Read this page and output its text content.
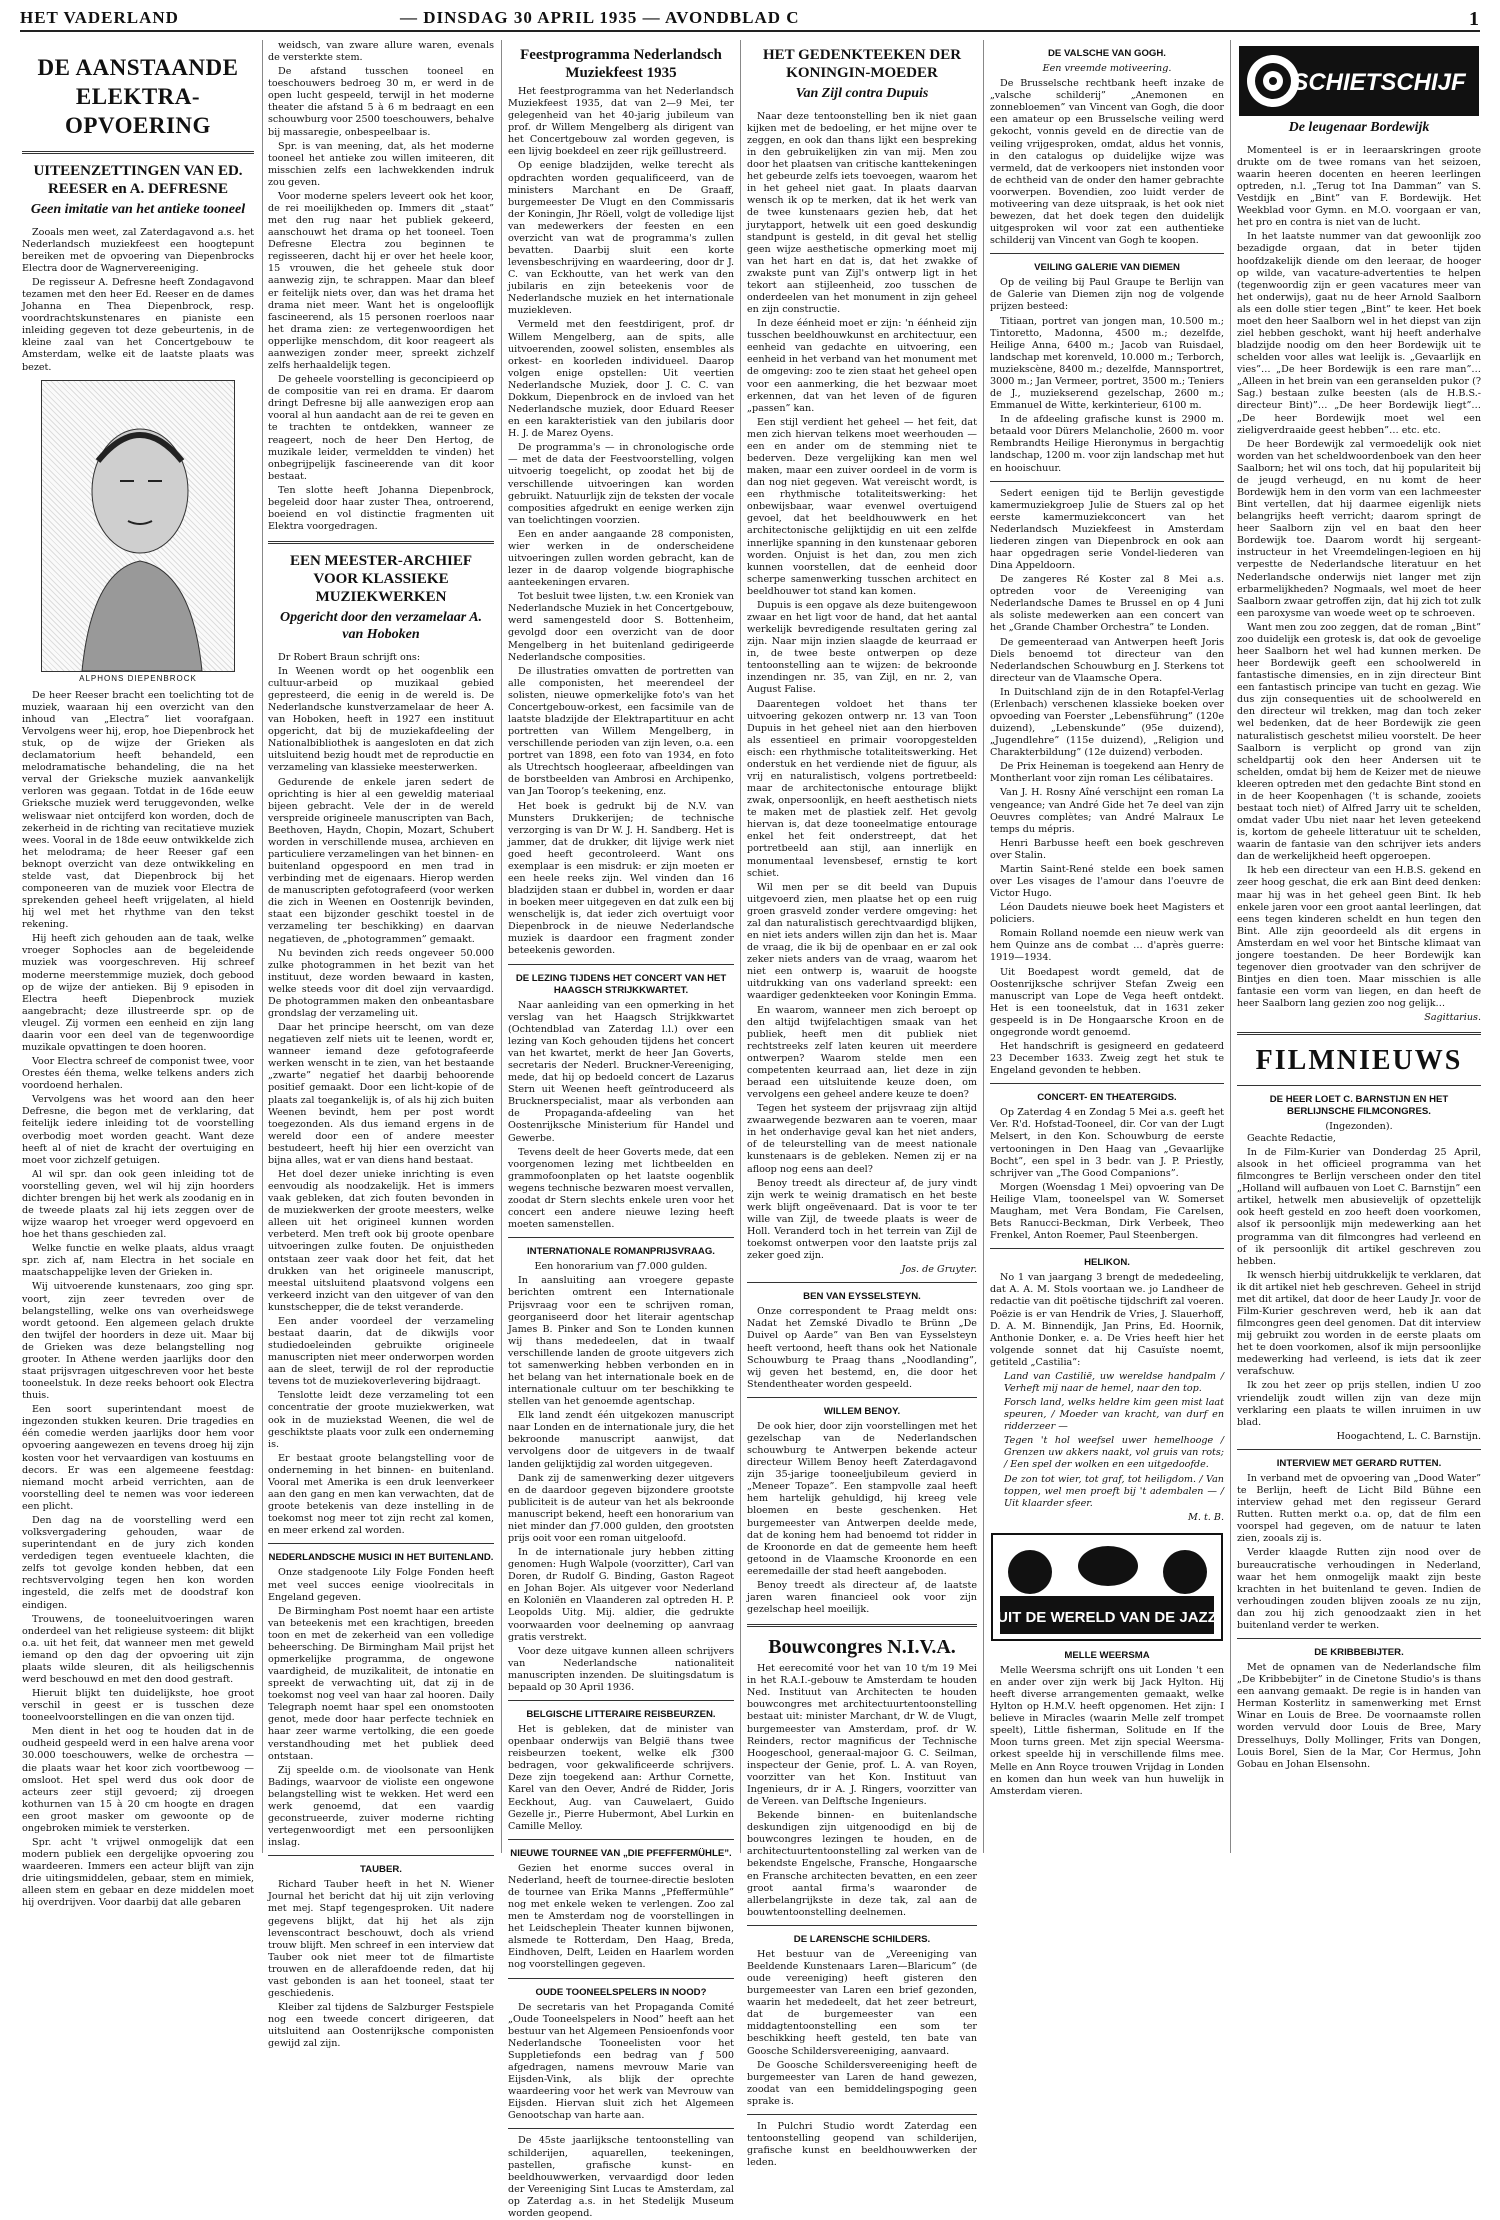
HET VADERLAND	— DINSDAG 30 APRIL 1935 — AVONDBLAD C	1
DE AANSTAANDE ELEKTRA-OPVOERING
UITEENZETTINGEN VAN ED. REESER en A. DEFRESNE
Geen imitatie van het antieke tooneel

Zooals men weet, zal Zaterdagavond a.s. het Nederlandsch muziekfeest een hoogtepunt bereiken met de opvoering van Diepenbrocks Electra door de Wagnervereeniging.

De regisseur A. Defresne heeft Zondagavond tezamen met den heer Ed. Reeser en de dames Johanna en Thea Diepenbrock, resp. voordrachtskunstenares en pianiste een inleiding gegeven tot deze gebeurtenis, in de kleine zaal van het Concertgebouw te Amsterdam, welke eit de laatste plaats was bezet.

ALPHONS DIEPENBROCK

De heer Reeser bracht een toelichting tot de muziek, waaraan hij een overzicht van den inhoud van „Electra” liet voorafgaan. Vervolgens weer hij, erop, hoe Diepenbrock het stuk, op de wijze der Grieken als declamatorium heeft behandeld, een melodramatische behandeling, die na het verval der Grieksche muziek aanvankelijk verloren was gegaan. Totdat in de 16de eeuw Grieksche muziek werd teruggevonden, welke weliswaar niet ontcijferd kon worden, doch de zekerheid in de richting van recitatieve muziek wees. Vooral in de 18de eeuw ontwikkelde zich het melodrama; de heer Reeser gaf een beknopt overzicht van deze ontwikkeling en stelde vast, dat Diepenbrock bij het componeeren van de muziek voor Electra de sprekenden geheel heeft vrijgelaten, al hield hij wel met het rhythme van den tekst rekening.

Hij heeft zich gehouden aan de taak, welke vroeger Sophocles aan de begeleidende muziek was voorgeschreven. Hij schreef moderne meerstemmige muziek, doch gebood op de wijze der antieken. Bij 9 episoden in Electra heeft Diepenbrock muziek aangebracht; deze illustreerde spr. op de vleugel. Zij vormen een eenheid en zijn lang daarin voor een deel van de tegenwoordige muzikale opvattingen te doen hooren.

Voor Electra schreef de componist twee, voor Orestes één thema, welke telkens anders zich voordoend herhalen.

Vervolgens was het woord aan den heer Defresne, die begon met de verklaring, dat feitelijk iedere inleiding tot de voorstelling overbodig moet worden geacht. Want deze heeft al of niet de kracht der overtuiging en moet voor zichzelf getuigen.

Al wil spr. dan ook geen inleiding tot de voorstelling geven, wel wil hij zijn hoorders dichter brengen bij het werk als zoodanig en in de tweede plaats zal hij iets zeggen over de wijze waarop het vroeger werd opgevoerd en hoe het thans geschieden zal.

Welke functie en welke plaats, aldus vraagt spr. zich af, nam Electra in het sociale en maatschappelijke leven der Grieken in.

Wij uitvoerende kunstenaars, zoo ging spr. voort, zijn zeer tevreden over de belangstelling, welke ons van overheidswege wordt getoond. Een algemeen gelach drukte den twijfel der hoorders in deze uit. Maar bij de Grieken was deze belangstelling nog grooter. In Athene werden jaarlijks door den staat prijsvragen uitgeschreven voor het beste tooneelstuk. In deze reeks behoort ook Electra thuis.

Een soort superintendant moest de ingezonden stukken keuren. Drie tragedies en één comedie werden jaarlijks door hem voor opvoering aangewezen en tevens droeg hij zijn kosten voor het vervaardigen van kostuums en decors. Er was een algemeene feestdag: niemand mocht arbeid verrichten, aan de voorstelling deel te nemen was voor iedereen een plicht.

Den dag na de voorstelling werd een volksvergadering gehouden, waar de superintendant en de jury zich konden verdedigen tegen eventueele klachten, die zelfs tot gevolge konden hebben, dat een rechtsvervolging tegen hen kon worden ingesteld, die zelfs met de doodstraf kon eindigen.

Trouwens, de tooneeluitvoeringen waren onderdeel van het religieuse systeem: dit blijkt o.a. uit het feit, dat wanneer men met geweld iemand op den dag der opvoering uit zijn plaats wilde sleuren, dit als heiligschennis werd beschouwd en met den dood gestraft.

Hieruit blijkt ten duidelijkste, hoe groot verschil in geest er is tusschen deze tooneelvoorstellingen en die van onzen tijd.

Men dient in het oog te houden dat in de oudheid gespeeld werd in een halve arena voor 30.000 toeschouwers, welke de orchestra — die plaats waar het koor zich voortbewoog — omsloot. Het spel werd dus ook door de acteurs zeer stijl gevoerd; zij droegen kothurnen van 15 à 20 cm hoogte en dragen een groot masker om gewoonte op de ongebroken mimiek te versterken.

Spr. acht 't vrijwel onmogelijk dat een modern publiek een dergelijke opvoering zou waardeeren. Immers een acteur blijft van zijn drie uitingsmiddelen, gebaar, stem en mimiek, alleen stem en gebaar en deze middelen moet hij overdrijven. Voor daarbij dat alle gebaren

weidsch, van zware allure waren, evenals de versterkte stem.

De afstand tusschen tooneel en toeschouwers bedroeg 30 m, er werd in de open lucht gespeeld, terwijl in het moderne theater die afstand 5 à 6 m bedraagt en een schouwburg voor 2500 toeschouwers, behalve bij massaregie, onbespeelbaar is.

Spr. is van meening, dat, als het moderne tooneel het antieke zou willen imiteeren, dit misschien zelfs een lachwekkenden indruk zou geven.

Voor moderne spelers leveert ook het koor, de rei moeilijkheden op. Immers dit „staat” met den rug naar het publiek gekeerd, aanschouwt het drama op het tooneel. Toen Defresne Electra zou beginnen te regisseeren, dacht hij er over het heele koor, 15 vrouwen, die het geheele stuk door aanwezig zijn, te schrappen. Maar dan bleef er feitelijk niets over, dan was het drama het drama niet meer. Want het is ongelooflijk fascineerend, als 15 personen roerloos naar het drama zien: ze vertegenwoordigen het opperlijke menschdom, dit koor reageert als aanwezigen zonder meer, spreekt zichzelf zelfs herhaaldelijk tegen.

De geheele voorstelling is geconcipieerd op de compositie van rei en drama. Er daarom dringt Defresne bij alle aanwezigen erop aan vooral al hun aandacht aan de rei te geven en te trachten te ontdekken, wanneer ze reageert, noch de heer Den Hertog, de muzikale leider, vermeldden te vinden) het onbegrijpelijk fascineerende van dit koor bestaat.

Ten slotte heeft Johanna Diepenbrock, begeleid door haar zuster Thea, ontroerend, boeiend en vol distinctie fragmenten uit Elektra voorgedragen.

EEN MEESTER-ARCHIEF VOOR KLASSIEKE MUZIEKWERKEN
Opgericht door den verzamelaar A. van Hoboken

Dr Robert Braun schrijft ons:

In Weenen wordt op het oogenblik een cultuur-arbeid op muzikaal gebied gepresteerd, die eenig in de wereld is. De Nederlandsche kunstverzamelaar de heer A. van Hoboken, heeft in 1927 een instituut opgericht, dat bij de muziekafdeeling der Nationalbibliothek is aangesloten en dat zich uitsluitend bezig houdt met de reproductie en verzameling van klassieke meesterwerken.

Gedurende de enkele jaren sedert de oprichting is hier al een geweldig materiaal bijeen gebracht. Vele der in de wereld verspreide origineele manuscripten van Bach, Beethoven, Haydn, Chopin, Mozart, Schubert worden in verschillende musea, archieven en particuliere verzamelingen van het binnen- en buitenland opgespoord en men trad in verbinding met de eigenaars. Hierop werden de manuscripten gefotografeerd (voor werken die zich in Weenen en Oostenrijk bevinden, staat een bijzonder geschikt toestel in de verzameling ter beschikking) en daarvan negatieven, de „photogrammen” gemaakt.

Nu bevinden zich reeds ongeveer 50.000 zulke photogrammen in het bezit van het instituut, deze worden bewaard in kasten, welke steeds voor dit doel zijn vervaardigd. De photogrammen maken den onbeantasbare grondslag der verzameling uit.

Daar het principe heerscht, om van deze negatieven zelf niets uit te leenen, wordt er, wanneer iemand deze gefotografeerde werken wenscht in te zien, van het bestaande „zwarte” negatief het daarbij behoorende positief gemaakt. Door een licht-kopie of de plaats zal toegankelijk is, of als hij zich buiten Weenen bevindt, hem per post wordt toegezonden. Als dus iemand ergens in de wereld door een of andere meester bestudeert, heeft hij hier een overzicht van bijna alles, wat er van diens hand bestaat.

Het doel dezer unieke inrichting is even eenvoudig als noodzakelijk. Het is immers vaak gebleken, dat zich fouten bevonden in de muziekwerken der groote meesters, welke alleen uit het origineel kunnen worden verbeterd. Men treft ook bij groote openbare uitvoeringen zulke fouten. De onjuistheden ontstaan zeer vaak door het feit, dat het drukken van het origineele manuscript, meestal uitsluitend plaatsvond volgens een verkeerd inzicht van den uitgever of van den kunstschepper, die de tekst veranderde.

Een ander voordeel der verzameling bestaat daarin, dat de dikwijls voor studiedoeleinden gebruikte origineele manuscripten niet meer onderworpen worden aan de sleet, terwijl de rol der reproductie tevens tot de muziekoverlevering bijdraagt.

Tenslotte leidt deze verzameling tot een concentratie der groote muziekwerken, wat ook in de muziekstad Weenen, die wel de geschiktste plaats voor zulk een onderneming is.

Er bestaat groote belangstelling voor de onderneming in het binnen- en buitenland. Vooral met Amerika is een druk leenverkeer aan den gang en men kan verwachten, dat de groote betekenis van deze instelling in de toekomst nog meer tot zijn recht zal komen, en meer erkend zal worden.

NEDERLANDSCHE MUSICI IN HET BUITENLAND.

Onze stadgenoote Lily Folge Fonden heeft met veel succes eenige vioolrecitals in Engeland gegeven.

De Birmingham Post noemt haar een artiste van beteekenis met een krachtigen, breeden toon en met de zekerheid van een volledige beheersching. De Birmingham Mail prijst het opmerkelijke programma, de ongewone vaardigheid, de muzikaliteit, de intonatie en spreekt de verwachting uit, dat zij in de toekomst nog veel van haar zal hooren. Daily Telegraph noemt haar spel een onomstooten genot, mede door haar perfecte techniek en haar zeer warme vertolking, die een goede verstandhouding met het publiek deed ontstaan.

Zij speelde o.m. de vioolsonate van Henk Badings, waarvoor de violiste een ongewone belangstelling wist te wekken. Het werd een werk genoemd, dat een vaardig geconstrueerde, zuiver moderne richting vertegenwoordigt met een persoonlijken inslag.

TAUBER.

Richard Tauber heeft in het N. Wiener Journal het bericht dat hij uit zijn verloving met mej. Stapf tegengesproken. Uit nadere gegevens blijkt, dat hij het als zijn levenscontract beschouwt, doch als vriend trouw blijft. Men schreef in een interview dat Tauber ook niet meer tot de filmartiste trouwen en de allerafdoende reden, dat hij vast gebonden is aan het tooneel, staat ter geschiedenis.

Kleiber zal tijdens de Salzburger Festspiele nog een tweede concert dirigeeren, dat uitsluitend aan Oostenrijksche componisten gewijd zal zijn.

Feestprogramma Nederlandsch Muziekfeest 1935

Het feestprogramma van het Nederlandsch Muziekfeest 1935, dat van 2—9 Mei, ter gelegenheid van het 40-jarig jubileum van prof. dr Willem Mengelberg als dirigent van het Concertgebouw zal worden gegeven, is een lijvig boekdeel en zeer rijk geïllustreerd.

Op eenige bladzijden, welke terecht als opdrachten worden gequalificeerd, van de ministers Marchant en De Graaff, burgemeester De Vlugt en den Commissaris der Koningin, Jhr Röell, volgt de volledige lijst van medewerkers der feesten en een overzicht van wat de programma's zullen bevatten. Daarbij sluit een korte levensbeschrijving en waardeering, door dr J. C. van Eckhoutte, van het werk van den jubilaris en zijn beteekenis voor de Nederlandsche muziek en het internationale muziekleven.

Vermeld met den feestdirigent, prof. dr Willem Mengelberg, aan de spits, alle uitvoerenden, zoowel solisten, ensembles als orkest- en koorleden individueel. Daarop volgen enige opstellen: Uit veertien Nederlandsche Muziek, door J. C. C. van Dokkum, Diepenbrock en de invloed van het Nederlandsche muziek, door Eduard Reeser en een karakteristiek van den jubilaris door H. J. de Marez Oyens.

De programma's — in chronologische orde — met de data der Feestvoorstelling, volgen uitvoerig toegelicht, op zoodat het bij de verschillende uitvoeringen kan worden gebruikt. Natuurlijk zijn de teksten der vocale composities afgedrukt en eenige werken zijn van toelichtingen voorzien.

Een en ander aangaande 28 componisten, wier werken in de onderscheidene uitvoeringen zullen worden gebracht, kan de lezer in de daarop volgende biographische aanteekeningen ervaren.

Tot besluit twee lijsten, t.w. een Kroniek van Nederlandsche Muziek in het Concertgebouw, werd samengesteld door S. Bottenheim, gevolgd door een overzicht van de door Mengelberg in het buitenland gedirigeerde Nederlandsche composities.

De illustraties omvatten de portretten van alle componisten, het meerendeel der solisten, nieuwe opmerkelijke foto's van het Concertgebouw-orkest, een facsimile van de laatste bladzijde der Elektrapartituur en acht portretten van Willem Mengelberg, in verschillende perioden van zijn leven, o.a. een portret van 1898, een foto van 1934, en foto als Utrechtsch hoogleeraar, afbeeldingen van de borstbeelden van Ambrosi en Archipenko, van Jan Tooropʼs teekening, enz.

Het boek is gedrukt bij de N.V. van Munsters Drukkerijen; de technische verzorging is van Dr W. J. H. Sandberg. Het is jammer, dat de drukker, dit lijvige werk niet goed heeft gecontroleerd. Want ons exemplaar is een misdruk: er zijn moeten er een heele reeks zijn. Wel vinden dan 16 bladzijden staan er dubbel in, worden er daar in boeken meer uitgegeven en dat zulk een bij wenschelijk is, dat ieder zich overtuigt voor Diepenbrock in de nieuwe Nederlandsche muziek is daardoor een fragment zonder beteekenis geworden.

DE LEZING TIJDENS HET CONCERT VAN HET HAAGSCH STRIJKKWARTET.

Naar aanleiding van een opmerking in het verslag van het Haagsch Strijkkwartet (Ochtendblad van Zaterdag l.l.) over een lezing van Koch gehouden tijdens het concert van het kwartet, merkt de heer Jan Goverts, secretaris der Nederl. Bruckner-Vereeniging, mede, dat hij op bedoeld concert de Lazarus Stern uit Weenen heeft geïntroduceerd als Brucknerspecialist, maar als verbonden aan de Propaganda-afdeeling van het Oostenrijksche Ministerium für Handel und Gewerbe.

Tevens deelt de heer Goverts mede, dat een voorgenomen lezing met lichtbeelden en grammofoonplaten op het laatste oogenblik wegens technische bezwaren moest vervallen, zoodat dr Stern slechts enkele uren voor het concert een andere nieuwe lezing heeft moeten samenstellen.

INTERNATIONALE ROMANPRIJSVRAAG.

Een honorarium van ƒ7.000 gulden.

In aansluiting aan vroegere gepaste berichten omtrent een Internationale Prijsvraag voor een te schrijven roman, georganiseerd door het literair agentschap James B. Pinker and Son te Londen kunnen wij thans mededeelen, dat in twaalf verschillende landen de groote uitgevers zich tot samenwerking hebben verbonden en in het belang van het internationale boek en de internationale cultuur om ter beschikking te stellen van het genoemde agentschap.

Elk land zendt één uitgekozen manuscript naar Londen en de internationale jury, die het bekroonde manuscript aanwijst, dat vervolgens door de uitgevers in de twaalf landen gelijktijdig zal worden uitgegeven.

Dank zij de samenwerking dezer uitgevers en de daardoor gegeven bijzondere grootste publiciteit is de auteur van het als bekroonde manuscript bekend, heeft een honorarium van niet minder dan ƒ7.000 gulden, den grootsten prijs ooit voor een roman uitgeloofd.

In de internationale jury hebben zitting genomen: Hugh Walpole (voorzitter), Carl van Doren, dr Rudolf G. Binding, Gaston Rageot en Johan Bojer. Als uitgever voor Nederland en Koloniën en Vlaanderen zal optreden H. P. Leopolds Uitg. Mij. aldier, die gedrukte voorwaarden voor deelneming op aanvraag gratis verstrekt.

Voor deze uitgave kunnen alleen schrijvers van Nederlandsche nationaliteit manuscripten inzenden. De sluitingsdatum is bepaald op 30 April 1936.

BELGISCHE LITTERAIRE REISBEURZEN.

Het is gebleken, dat de minister van openbaar onderwijs van België thans twee reisbeurzen toekent, welke elk ƒ300 bedragen, voor gekwalificeerde schrijvers. Deze zijn toegekend aan: Arthur Cornette, Karel van den Oever, André de Ridder, Joris Eeckhout, Aug. van Cauwelaert, Guido Gezelle jr., Pierre Hubermont, Abel Lurkin en Camille Melloy.

NIEUWE TOURNEE VAN „DIE PFEFFERMÜHLE”.

Gezien het enorme succes overal in Nederland, heeft de tournee-directie besloten de tournee van Erika Manns „Pfeffermühle” nog met enkele weken te verlengen. Zoo zal men te Amsterdam nog de voorstellingen in het Leidscheplein Theater kunnen bijwonen, alsmede te Rotterdam, Den Haag, Breda, Eindhoven, Delft, Leiden en Haarlem worden nog voorstellingen gegeven.

OUDE TOONEELSPELERS IN NOOD?

De secretaris van het Propaganda Comité „Oude Tooneelspelers in Nood” heeft aan het bestuur van het Algemeen Pensioenfonds voor Nederlandsche Tooneelisten voor het Suppletiefonds een bedrag van ƒ 500 afgedragen, namens mevrouw Marie van Eijsden-Vink, als blijk der oprechte waardeering voor het werk van Mevrouw van Eijsden. Hiervan sluit zich het Algemeen Genootschap van harte aan.

De 45ste jaarlijksche tentoonstelling van schilderijen, aquarellen, teekeningen, pastellen, grafische kunst- en beeldhouwwerken, vervaardigd door leden der Vereeniging Sint Lucas te Amsterdam, zal op Zaterdag a.s. in het Stedelijk Museum worden geopend.

HET GEDENKTEEKEN DER KONINGIN-MOEDER
Van Zijl contra Dupuis

Naar deze tentoonstelling ben ik niet gaan kijken met de bedoeling, er het mijne over te zeggen, en ook dan thans lijkt een bespreking in den gebruikelijken zin van mij. Men zou door het plaatsen van critische kanttekeningen het gebeurde zelfs iets toevoegen, waarom het in het geheel niet gaat. In plaats daarvan wensch ik op te merken, dat ik het werk van de twee kunstenaars gezien heb, dat het jurytapport, hetwelk uit een goed deskundig standpunt is gesteld, in dit geval het stellig geen wijze aesthetische opmerking moet mij van het hart en dat is, dat het zwakke of zwakste punt van Zijl's ontwerp ligt in het tekort aan stijleenheid, zoo tusschen de onderdeelen van het monument in zijn geheel en zijn constructie.

In deze éénheid moet er zijn: 'n éénheid zijn tusschen beeldhouwkunst en architectuur, een eenheid van gedachte en uitvoering, een eenheid in het verband van het monument met de omgeving: zoo te zien staat het geheel open voor een aanmerking, die het bezwaar moet erkennen, dat van het leven of de figuren „passen” kan.

Een stijl verdient het geheel — het feit, dat men zich hiervan telkens moet weerhouden — een en ander om de stemming niet te bederven. Deze vergelijking kan men wel maken, maar een zuiver oordeel in de vorm is dan nog niet gegeven. Wat vereischt wordt, is een rhythmische totaliteitswerking: het onbewijsbaar, waar evenwel overtuigend gevoel, dat het beeldhouwwerk en het architectonische gelijktijdig en uit een zelfde innerlijke spanning in den kunstenaar geboren worden. Onjuist is het dan, zou men zich kunnen voorstellen, dat de eenheid door scherpe samenwerking tusschen architect en beeldhouwer tot stand kan komen.

Dupuis is een opgave als deze buitengewoon zwaar en het ligt voor de hand, dat het aantal werkelijk bevredigende resultaten gering zal zijn. Naar mijn inzien slaagde de keurraad er in, de twee beste ontwerpen op deze tentoonstelling aan te wijzen: de bekroonde inzendingen nr. 35, van Zijl, en nr. 2, van August Falise.

Daarentegen voldoet het thans ter uitvoering gekozen ontwerp nr. 13 van Toon Dupuis in het geheel niet aan den hierboven als essentieel en primair vooropgestelden eisch: een rhythmische totaliteitswerking. Het onderstuk en het verdiende niet de figuur, als vrij en naturalistisch, volgens portretbeeld: maar de architectonische entourage blijkt zwak, onpersoonlijk, en heeft aesthetisch niets te maken met de plastiek zelf. Het gevolg hiervan is, dat deze tooneelmatige entourage enkel het feit onderstreept, dat het portretbeeld aan stijl, aan innerlijk en monumentaal levensbesef, ernstig te kort schiet.

Wil men per se dit beeld van Dupuis uitgevoerd zien, men plaatse het op een ruig groen grasveld zonder verdere omgeving: het zal dan naturalistisch gerechtvaardigd blijken, en niet iets anders willen zijn dan het is. Maar de vraag, die ik bij de openbaar en er zal ook zeker niets anders van de vraag, waarom het niet een ontwerp is, waaruit de hoogste uitdrukking van ons vaderland spreekt: een waardiger gedenkteeken voor Koningin Emma.

En waarom, wanneer men zich beroept op den altijd twijfelachtigen smaak van het publiek, heeft men dit publiek niet rechtstreeks zelf laten keuren uit meerdere ontwerpen? Waarom stelde men een competenten keurraad aan, liet deze in zijn beraad een uitsluitende keuze doen, om vervolgens een geheel andere keuze te doen?

Tegen het systeem der prijsvraag zijn altijd zwaarwegende bezwaren aan te voeren, maar in het onderhavige geval kan het niet anders, of de teleurstelling van de meest nationale kunstenaars is de gebleken. Nemen zij er na afloop nog eens aan deel?

Benoy treedt als directeur af, de jury vindt zijn werk te weinig dramatisch en het beste werk blijft ongeëvenaard. Dat is voor te ter wille van Zijl, de tweede plaats is weer de Holl. Veranderd toch in het terrein van Zijl de toekomst ontwerpen voor den laatste prijs zal zeker goed zijn.

Jos. de Gruyter.
BEN VAN EYSSELSTEYN.

Onze correspondent te Praag meldt ons: Nadat het Zemské Divadlo te Brünn „De Duivel op Aarde” van Ben van Eysselsteyn heeft vertoond, heeft thans ook het Nationale Schouwburg te Praag thans „Noodlanding”, wij geven het bestemd, en, die door het Stendentheater worden gespeeld.

WILLEM BENOY.

De ook hier, door zijn voorstellingen met het gezelschap van de Nederlandschen schouwburg te Antwerpen bekende acteur directeur Willem Benoy heeft Zaterdagavond zijn 35-jarige tooneeljubileum gevierd in „Meneer Topaze”. Een stampvolle zaal heeft hem hartelijk gehuldigd, hij kreeg vele bloemen en beste geschenken. Het burgemeester van Antwerpen deelde mede, dat de koning hem had benoemd tot ridder in de Kroonorde en dat de gemeente hem heeft getoond in de Vlaamsche Kroonorde en een eeremedaille der stad heeft aangeboden.

Benoy treedt als directeur af, de laatste jaren waren financieel ook voor zijn gezelschap heel moeilijk.

Bouwcongres N.I.V.A.

Het eerecomité voor het van 10 t/m 19 Mei in het R.A.I.-gebouw te Amsterdam te houden Ned. Instituut van Architecten te houden bouwcongres met architectuurtentoonstelling bestaat uit: minister Marchant, dr W. de Vlugt, burgemeester van Amsterdam, prof. dr W. Reinders, rector magnificus der Technische Hoogeschool, generaal-majoor G. C. Seilman, inspecteur der Genie, prof. L. A. van Royen, voorzitter van het Kon. Instituut van Ingenieurs, dr ir A. J. Ringers, voorzitter van de Vereen. van Delftsche Ingenieurs.

Bekende binnen- en buitenlandsche deskundigen zijn uitgenoodigd en bij de bouwcongres lezingen te houden, en de architectuurtentoonstelling zal werken van de bekendste Engelsche, Fransche, Hongaarsche en Fransche architecten bevatten, en een zeer groot aantal firma's waaronder de allerbelangrijkste in deze tak, zal aan de bouwtentoonstelling deelnemen.

DE LARENSCHE SCHILDERS.

Het bestuur van de „Vereeniging van Beeldende Kunstenaars Laren—Blaricum” (de oude vereeniging) heeft gisteren den burgemeester van Laren een brief gezonden, waarin het mededeelt, dat het zeer betreurt, dat de burgemeester van een middagtentoonstelling een som ter beschikking heeft gesteld, ten bate van Goosche Schildersvereeniging, aanvaard.

De Goosche Schildersvereeniging heeft de burgemeester van Laren de hand gewezen, zoodat van een bemiddelingspoging geen sprake is.

In Pulchri Studio wordt Zaterdag een tentoonstelling geopend van schilderijen, grafische kunst en beeldhouwwerken der leden.

DE VALSCHE VAN GOGH.
Een vreemde motiveering.

De Brusselsche rechtbank heeft inzake de „valsche schilderij” „Anemonen en zonnebloemen” van Vincent van Gogh, die door een amateur op een Brusselsche veiling werd gekocht, vonnis geveld en de directie van de veiling vrijgesproken, omdat, aldus het vonnis, in den catalogus op duidelijke wijze was vermeld, dat de verkoopers niet instonden voor de echtheid van de onder den hamer gebrachte voorwerpen. Bovendien, zoo luidt verder de motiveering van deze uitspraak, is het ook niet bewezen, dat het doek tegen den duidelijk uitgesproken wil voor zat een authentieke schilderij van Vincent van Gogh te koopen.

VEILING GALERIE VAN DIEMEN

Op de veiling bij Paul Graupe te Berlijn van de Galerie van Diemen zijn nog de volgende prijzen besteed:

Titiaan, portret van jongen man, 10.500 m.; Tintoretto, Madonna, 4500 m.; dezelfde, Heilige Anna, 6400 m.; Jacob van Ruisdael, landschap met korenveld, 10.000 m.; Terborch, muziekscène, 8400 m.; dezelfde, Mannsportret, 3000 m.; Jan Vermeer, portret, 3500 m.; Teniers de J., muziekserend gezelschap, 2600 m.; Emmanuel de Witte, kerkinterieur, 6100 m.

In de afdeeling grafische kunst is 2900 m. betaald voor Dürers Melancholie, 2600 m. voor Rembrandts Heilige Hieronymus in bergachtig landschap, 1200 m. voor zijn landschap met hut en hooischuur.

Sedert eenigen tijd te Berlijn gevestigde kamermuziekgroep Julie de Stuers zal op het eerste kamermuziekconcert van het Nederlandsch Muziekfeest in Amsterdam liederen zingen van Diepenbrock en ook aan haar opgedragen serie Vondel-liederen van Dina Appeldoorn.

De zangeres Ré Koster zal 8 Mei a.s. optreden voor de Vereeniging van Nederlandsche Dames te Brussel en op 4 Juni als soliste medewerken aan een concert van het „Grande Chamber Orchestra” te Londen.

De gemeenteraad van Antwerpen heeft Joris Diels benoemd tot directeur van den Nederlandschen Schouwburg en J. Sterkens tot directeur van de Vlaamsche Opera.

In Duitschland zijn de in den Rotapfel-Verlag (Erlenbach) verschenen klassieke boeken over opvoeding van Foerster „Lebensführung” (120e duizend), „Lebenskunde” (95e duizend), „Jugendlehre” (115e duizend), „Religion und Charakterbildung” (12e duizend) verboden.

De Prix Heineman is toegekend aan Henry de Montherlant voor zijn roman Les célibataires.

Van J. H. Rosny Aîné verschijnt een roman La vengeance; van André Gide het 7e deel van zijn Oeuvres complètes; van André Malraux Le temps du mépris.

Henri Barbusse heeft een boek geschreven over Stalin.

Martin Saint-René stelde een boek samen over Les visages de l'amour dans l'oeuvre de Victor Hugo.

Léon Daudets nieuwe boek heet Magisters et policiers.

Romain Rolland noemde een nieuw werk van hem Quinze ans de combat … d'après guerre: 1919—1934.

Uit Boedapest wordt gemeld, dat de Oostenrijksche schrijver Stefan Zweig een manuscript van Lope de Vega heeft ontdekt. Het is een tooneelstuk, dat in 1631 zeker gespeeld is in De Hongaarsche Kroon en de ongegronde wordt genoemd.

Het handschrift is gesigneerd en gedateerd 23 December 1633. Zweig zegt het stuk te Engeland gevonden te hebben.

CONCERT- EN THEATERGIDS.

Op Zaterdag 4 en Zondag 5 Mei a.s. geeft het Ver. R'd. Hofstad-Tooneel, dir. Cor van der Lugt Melsert, in den Kon. Schouwburg de eerste vertooningen in Den Haag van „Gevaarlijke Bocht”, een spel in 3 bedr. van J. P. Priestly, schrijver van „The Good Companions”.

Morgen (Woensdag 1 Mei) opvoering van De Heilige Vlam, tooneelspel van W. Somerset Maugham, met Vera Bondam, Fie Carelsen, Bets Ranucci-Beckman, Dirk Verbeek, Theo Frenkel, Anton Roemer, Paul Steenbergen.

HELIKON.

No 1 van jaargang 3 brengt de mededeeling, dat A. A. M. Stols voortaan we. jo Landheer de redactie van dit poëtische tijdschrift zal voeren. Poëzie is er van Hendrik de Vries, J. Slauerhoff, D. A. M. Binnendijk, Jan Prins, Ed. Hoornik, Anthonie Donker, e. a. De Vries heeft hier het volgende sonnet dat hij Casuïste noemt, getiteld „Castilia”:

Land van Castilië, uw wereldse handpalm / Verheft mij naar de hemel, naar den top.

Forsch land, welks heldre kim geen mist laat speuren, / Moeder van kracht, van durf en ridderzeer —

Tegen 't hol weefsel uwer hemelhooge / Grenzen uw akkers naakt, vol gruis van rots; / Een spel der wolken en een uitgedoofde.

De zon tot wier, tot graf, tot heiligdom. / Van toppen, wel men proeft bij 't adembalen — / Uit klaarder sfeer.

M. t. B.
UIT DE WERELD VAN DE JAZZ
MELLE WEERSMA

Melle Weersma schrijft ons uit Londen 't een en ander over zijn werk bij Jack Hylton. Hij heeft diverse arrangementen gemaakt, welke Hylton op H.M.V. heeft opgenomen. Het zijn: I believe in Miracles (waarin Melle zelf trompet speelt), Little fisherman, Solitude en If the Moon turns green. Met zijn special Weersma-orkest speelde hij in verschillende films mee. Melle en Ann Royce trouwen Vrijdag in Londen en komen dan hun week van hun huwelijk in Amsterdam vieren.

SCHIETSCHIJF
De leugenaar Bordewijk

Momenteel is er in leeraarskringen groote drukte om de twee romans van het seizoen, waarin heeren docenten en heeren leerlingen optreden, n.l. „Terug tot Ina Damman” van S. Vestdijk en „Bint” van F. Bordewijk. Het Weekblad voor Gymn. en M.O. voorgaan er van, het pro en contra is niet van de lucht.

In het laatste nummer van dat gewoonlijk zoo bezadigde orgaan, dat in beter tijden hoofdzakelijk diende om den leeraar, de hooger op wilde, van vacature-advertenties te helpen (tegenwoordig zijn er geen vacatures meer van het onderwijs), gaat nu de heer Arnold Saalborn als een dolle stier tegen „Bint” te keer. Het boek moet den heer Saalborn wel in het diepst van zijn ziel hebben geschokt, want hij heeft anderhalve bladzijde noodig om den heer Bordewijk uit te schelden voor alles wat leelijk is. „Gevaarlijk en vies”… „De heer Bordewijk is een rare man”… „Alleen in het brein van een geranselden pukor (? Sag.) bestaan zulke beesten (als de H.B.S.-directeur Bint)”… „De heer Bordewijk liegt”… „De heer Bordewijk moet wel een zieligverdraaide geest hebben”… etc. etc.

De heer Bordewijk zal vermoedelijk ook niet worden van het scheldwoordenboek van den heer Saalborn; het wil ons toch, dat hij populariteit bij de jeugd verheugd, en nu komt de heer Bordewijk hem in den vorm van een lachmeester Bint vertellen, dat hij daarmee eigenlijk niets belangrijks heeft verricht; daarom springt de heer Saalborn zijn vel en baat den heer Bordewijk toe. Daarom wordt hij sergeant-instructeur in het Vreemdelingen-legioen en hij verpestte de Nederlandsche literatuur en het Nederlandsche onderwijs niet langer met zijn erbarmelijkheden? Nogmaals, wel moet de heer Saalborn zwaar getroffen zijn, dat hij zich tot zulk een paroxysme van woede weet op te schroeven.

Want men zou zoo zeggen, dat de roman „Bint” zoo duidelijk een grotesk is, dat ook de gevoelige heer Saalborn het wel had kunnen merken. De heer Bordewijk geeft een schoolwereld in fantastische dimensies, en in zijn directeur Bint een fantastisch principe van tucht en gezag. Wie dus zijn consequenties uit de schoolwereld en den directeur wil trekken, mag dan toch zeker wel bedenken, dat de heer Bordewijk zie geen naturalistisch geschetst milieu voorstelt. De heer Saalborn is verplicht op grond van zijn scheldpartij ook den heer Andersen uit te schelden, omdat bij hem de Keizer met de nieuwe kleeren optreden met den gedachte Bint stond en in de heer Koopenhagen ('t is schande, zooiets bestaat toch niet) of Alfred Jarry uit te schelden, omdat vader Ubu niet naar het leven geteekend is, kortom de geheele litteratuur uit te schelden, waarin de fantasie van den schrijver iets anders dan de werkelijkheid heeft opgeroepen.

Ik heb een directeur van een H.B.S. gekend en zeer hoog geschat, die erk aan Bint deed denken: maar hij was in het geheel geen Bint. Ik heb enkele jaren voor een groot aantal leerlingen, dat eens tegen kinderen scheldt en hun tegen den Bint. Alle zijn geoordeeld als dit ergens in Amsterdam en wel voor het Bintsche klimaat van jongere toestanden. De heer Bordewijk kan tegenover dien grootvader van den schrijver de Bintjes en dien toen. Maar misschien is alle fantasie een vorm van liegen, en dan heeft de heer Saalborn lang gezien zoo nog gelijk…

Sagittarius.
FILMNIEUWS
DE HEER LOET C. BARNSTIJN EN HET BERLIJNSCHE FILMCONGRES.
(Ingezonden).

Geachte Redactie,

In de Film-Kurier van Donderdag 25 April, alsook in het officieel programma van het filmcongres te Berlijn verscheen onder den titel „Holland will aufbauen von Loet C. Barnstijn” een artikel, hetwelk men abusievelijk of opzettelijk ook heeft gesteld en zoo heeft doen voorkomen, alsof ik persoonlijk mijn medewerking aan het programma van dit filmcongres had verleend en of ik persoonlijk dit artikel geschreven zou hebben.

Ik wensch hierbij uitdrukkelijk te verklaren, dat ik dit artikel niet heb geschreven. Geheel in strijd met dit artikel, dat door de heer Laudy Jr. voor de Film-Kurier geschreven werd, heb ik aan dat filmcongres geen deel genomen. Dat dit interview mij gebruikt zou worden in de eerste plaats om het te doen voorkomen, alsof ik mijn persoonlijke medewerking had verleend, is iets dat ik zeer verafschuw.

Ik zou het zeer op prijs stellen, indien U zoo vriendelijk zoudt willen zijn van deze mijn verklaring een plaats te willen inruimen in uw blad.

Hoogachtend, L. C. Barnstijn.

INTERVIEW MET GERARD RUTTEN.

In verband met de opvoering van „Dood Water” te Berlijn, heeft de Licht Bild Bühne een interview gehad met den regisseur Gerard Rutten. Rutten merkt o.a. op, dat de film een voorspel had gegeven, om de natuur te laten zien, zooals zij is.

Verder klaagde Rutten zijn nood over de bureaucratische verhoudingen in Nederland, waar het hem onmogelijk maakt zijn beste krachten in het buitenland te geven. Indien de verhoudingen zouden blijven zooals ze nu zijn, dan zou hij zich genoodzaakt zien in het buitenland verder te werken.

DE KRIBBEBIJTER.

Met de opnamen van de Nederlandsche film „De Kribbebijter” in de Cinetone Studio's is thans een aanvang gemaakt. De regie is in handen van Herman Kosterlitz in samenwerking met Ernst Winar en Louis de Bree. De voornaamste rollen worden vervuld door Louis de Bree, Mary Dresselhuys, Dolly Mollinger, Frits van Dongen, Louis Borel, Sien de la Mar, Cor Hermus, John Gobau en Johan Elsensohn.
